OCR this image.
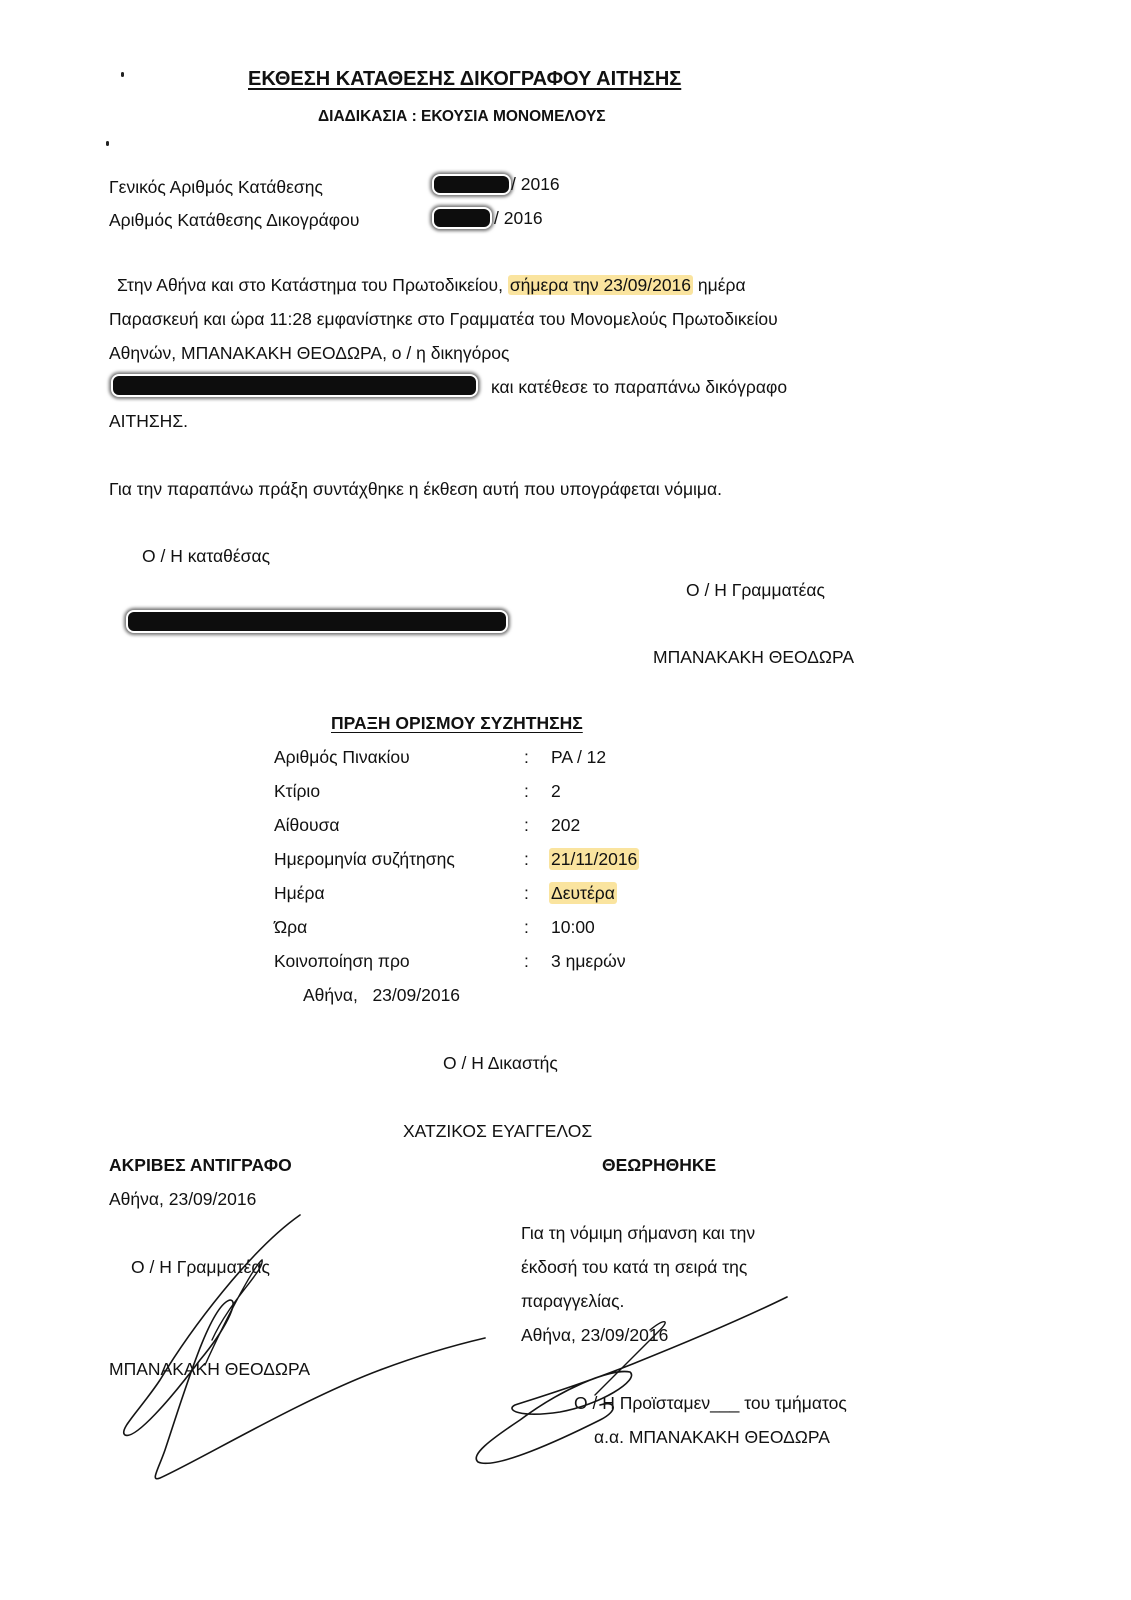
ΕΚΘΕΣΗ ΚΑΤΑΘΕΣΗΣ ΔΙΚΟΓΡΑΦΟΥ ΑΙΤΗΣΗΣ
ΔΙΑΔΙΚΑΣΙΑ : ΕΚΟΥΣΙΑ ΜΟΝΟΜΕΛΟΥΣ
Γενικός Αριθμός Κατάθεσης	/ 2016
Αριθμός Κατάθεσης Δικογράφου	/ 2016
Στην Αθήνα και στο Κατάστημα του Πρωτοδικείου, σήμερα την 23/09/2016 ημέρα
Παρασκευή και ώρα 11:28 εμφανίστηκε στο Γραμματέα του Μονομελούς Πρωτοδικείου
Αθηνών, ΜΠΑΝΑΚΑΚΗ ΘΕΟΔΩΡΑ, ο / η δικηγόρος
και κατέθεσε το παραπάνω δικόγραφο
ΑΙΤΗΣΗΣ.
Για την παραπάνω πράξη συντάχθηκε η έκθεση αυτή που υπογράφεται νόμιμα.
Ο / Η καταθέσας
Ο / Η Γραμματέας
ΜΠΑΝΑΚΑΚΗ ΘΕΟΔΩΡΑ
ΠΡΑΞΗ ΟΡΙΣΜΟΥ ΣΥΖΗΤΗΣΗΣ
Αριθμός Πινακίου	: ΡΑ / 12
Κτίριο	: 2
Αίθουσα	: 202
Ημερομηνία συζήτησης	: 21/11/2016
Ημέρα	: Δευτέρα
Ώρα	: 10:00
Κοινοποίηση προ	: 3 ημερών
Αθήνα,   23/09/2016
Ο / Η Δικαστής
ΧΑΤΖΙΚΟΣ ΕΥΑΓΓΕΛΟΣ
ΑΚΡΙΒΕΣ ΑΝΤΙΓΡΑΦΟ
Αθήνα, 23/09/2016
Ο / Η Γραμματέας
ΜΠΑΝΑΚΑΚΗ ΘΕΟΔΩΡΑ
ΘΕΩΡΗΘΗΚΕ
Για τη νόμιμη σήμανση και την
έκδοσή του κατά τη σειρά της
παραγγελίας.
Αθήνα, 23/09/2016
Ο / Η Προϊσταμεν___ του τμήματος
α.α. ΜΠΑΝΑΚΑΚΗ ΘΕΟΔΩΡΑ
